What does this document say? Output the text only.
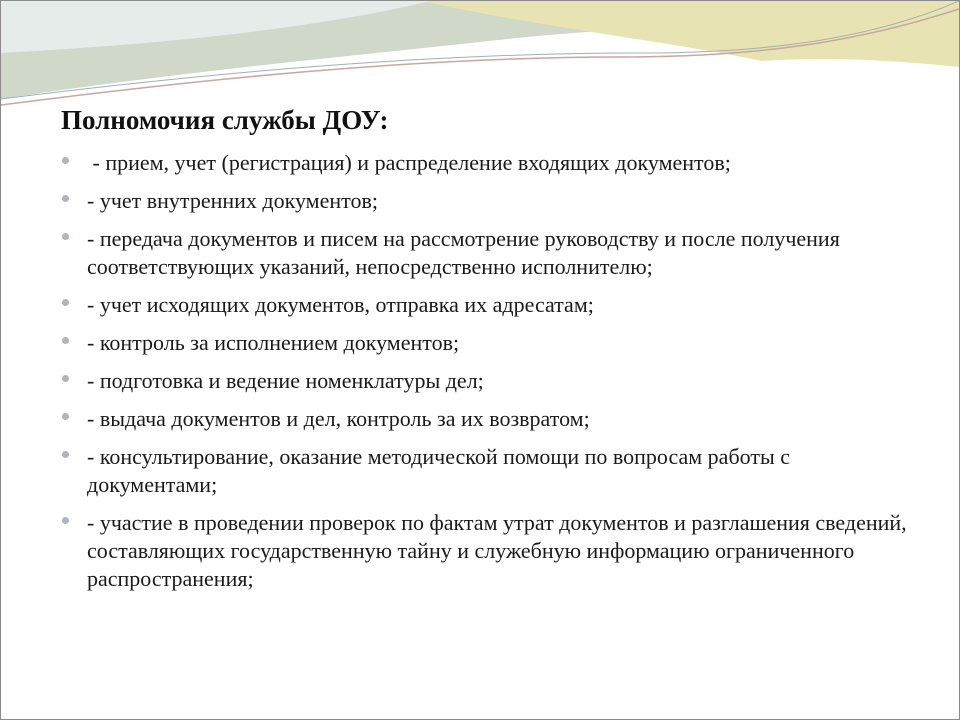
Полномочия службы ДОУ:
- прием, учет (регистрация) и распределение входящих документов;
- учет внутренних документов;
- передача документов и писем на рассмотрение руководству и после получения соответствующих указаний, непосредственно исполнителю;
- учет исходящих документов, отправка их адресатам;
- контроль за исполнением документов;
- подготовка и ведение номенклатуры дел;
- выдача документов и дел, контроль за их возвратом;
- консультирование, оказание методической помощи по вопросам работы с документами;
- участие в проведении проверок по фактам утрат документов и разглашения сведений, составляющих государственную тайну и служебную информацию ограниченного распространения;
